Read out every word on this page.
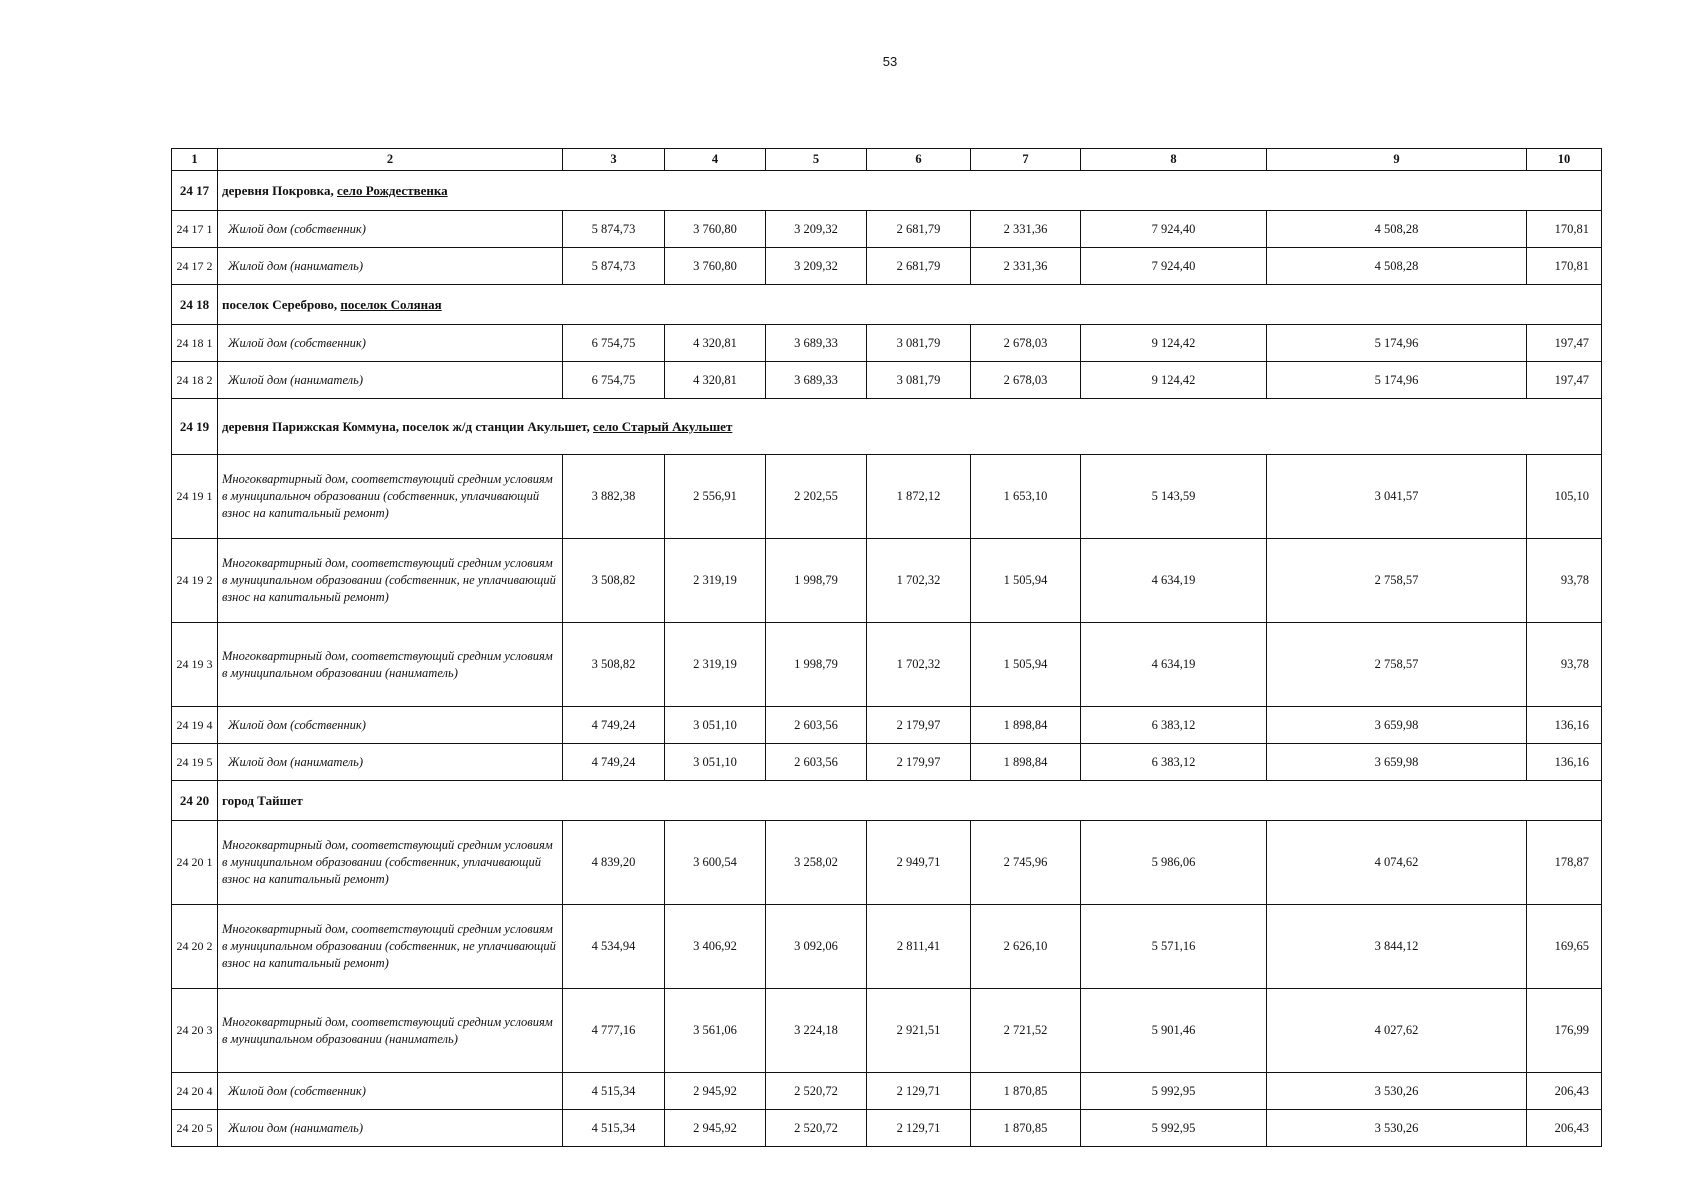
53
1	2	3	4	5	6	7	8	9	10
24 17	деревня Покровка, село Рождественка								
24 17 1	Жилой дом (собственник)	5 874,73	3 760,80	3 209,32	2 681,79	2 331,36	7 924,40	4 508,28	170,81
24 17 2	Жилой дом (наниматель)	5 874,73	3 760,80	3 209,32	2 681,79	2 331,36	7 924,40	4 508,28	170,81
24 18	поселок Сереброво, поселок Соляная								
24 18 1	Жилой дом (собственник)	6 754,75	4 320,81	3 689,33	3 081,79	2 678,03	9 124,42	5 174,96	197,47
24 18 2	Жилой дом (наниматель)	6 754,75	4 320,81	3 689,33	3 081,79	2 678,03	9 124,42	5 174,96	197,47
24 19	деревня Парижская Коммуна, поселок ж/д станции Акульшет, село Старый Акульшет								
24 19 1	Многоквартирный дом, соответствующий средним условиям в муниципальноч образовании (собственник, уплачивающий взнос на капитальный ремонт)	3 882,38	2 556,91	2 202,55	1 872,12	1 653,10	5 143,59	3 041,57	105,10
24 19 2	Многоквартирный дом, соответствующий средним условиям в муниципальном образовании (собственник, не уплачивающий взнос на капитальный ремонт)	3 508,82	2 319,19	1 998,79	1 702,32	1 505,94	4 634,19	2 758,57	93,78
24 19 3	Многоквартирный дом, соответствующий средним условиям в муниципальном образовании (наниматель)	3 508,82	2 319,19	1 998,79	1 702,32	1 505,94	4 634,19	2 758,57	93,78
24 19 4	Жилой дом (собственник)	4 749,24	3 051,10	2 603,56	2 179,97	1 898,84	6 383,12	3 659,98	136,16
24 19 5	Жилой дом (наниматель)	4 749,24	3 051,10	2 603,56	2 179,97	1 898,84	6 383,12	3 659,98	136,16
24 20	город Тайшет								
24 20 1	Многоквартирный дом, соответствующий средним условиям в муниципальном образовании (собственник, уплачивающий взнос на капитальный ремонт)	4 839,20	3 600,54	3 258,02	2 949,71	2 745,96	5 986,06	4 074,62	178,87
24 20 2	Многоквартирный дом, соответствующий средним условиям в муниципальном образовании (собственник, не уплачивающий взнос на капитальный ремонт)	4 534,94	3 406,92	3 092,06	2 811,41	2 626,10	5 571,16	3 844,12	169,65
24 20 3	Многоквартирный дом, соответствующий средним условиям в муниципальном образовании (наниматель)	4 777,16	3 561,06	3 224,18	2 921,51	2 721,52	5 901,46	4 027,62	176,99
24 20 4	Жилой дом (собственник)	4 515,34	2 945,92	2 520,72	2 129,71	1 870,85	5 992,95	3 530,26	206,43
24 20 5	Жилои дом (наниматель)	4 515,34	2 945,92	2 520,72	2 129,71	1 870,85	5 992,95	3 530,26	206,43
